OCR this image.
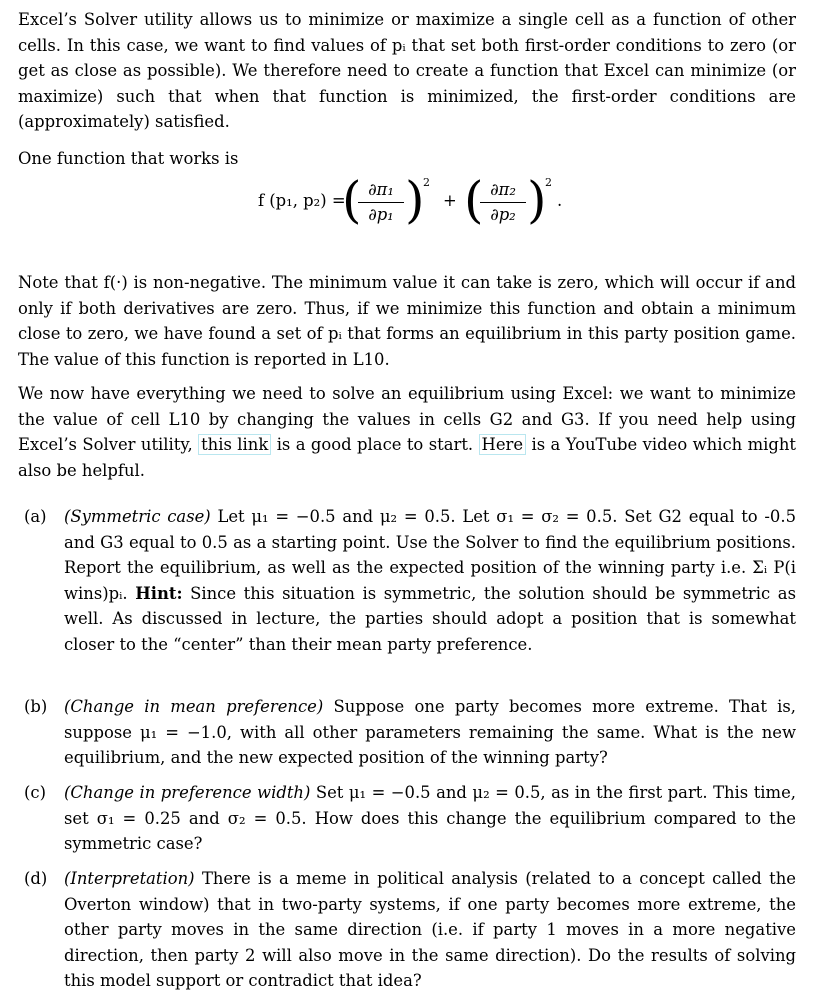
Excel’s Solver utility allows us to minimize or maximize a single cell as a function of other cells. In this case, we want to find values of pᵢ that set both first-order conditions to zero (or get as close as possible). We therefore need to create a function that Excel can minimize (or maximize) such that when that function is minimized, the first-order conditions are (approximately) satisfied.

One function that works is

f (p₁, p₂) =
(
$\frac{\text{∂π₁}}{\text{∂p₁}}$ )
2
+ (
$\frac{\text{∂π₂}}{\text{∂p₂}}$ )
2
.

Note that f(·) is non-negative. The minimum value it can take is zero, which will occur if and only if both derivatives are zero. Thus, if we minimize this function and obtain a minimum close to zero, we have found a set of pᵢ that forms an equilibrium in this party position game. The value of this function is reported in L10.

We now have everything we need to solve an equilibrium using Excel: we want to minimize the value of cell L10 by changing the values in cells G2 and G3. If you need help using Excel’s Solver utility, this link is a good place to start. Here is a YouTube video which might also be helpful.

(a) (Symmetric case) Let μ₁ = −0.5 and μ₂ = 0.5. Let σ₁ = σ₂ = 0.5. Set G2 equal to -0.5 and G3 equal to 0.5 as a starting point. Use the Solver to find the equilibrium positions. Report the equilibrium, as well as the expected position of the winning party i.e. Σᵢ P(i wins)pᵢ. Hint: Since this situation is symmetric, the solution should be symmetric as well. As discussed in lecture, the parties should adopt a position that is somewhat closer to the “center” than their mean party preference.
(b) (Change in mean preference) Suppose one party becomes more extreme. That is, suppose μ₁ = −1.0, with all other parameters remaining the same. What is the new equilibrium, and the new expected position of the winning party?
(c) (Change in preference width) Set μ₁ = −0.5 and μ₂ = 0.5, as in the first part. This time, set σ₁ = 0.25 and σ₂ = 0.5. How does this change the equilibrium compared to the symmetric case?
(d) (Interpretation) There is a meme in political analysis (related to a concept called the Overton window) that in two-party systems, if one party becomes more extreme, the other party moves in the same direction (i.e. if party 1 moves in a more negative direction, then party 2 will also move in the same direction). Do the results of solving this model support or contradict that idea?
